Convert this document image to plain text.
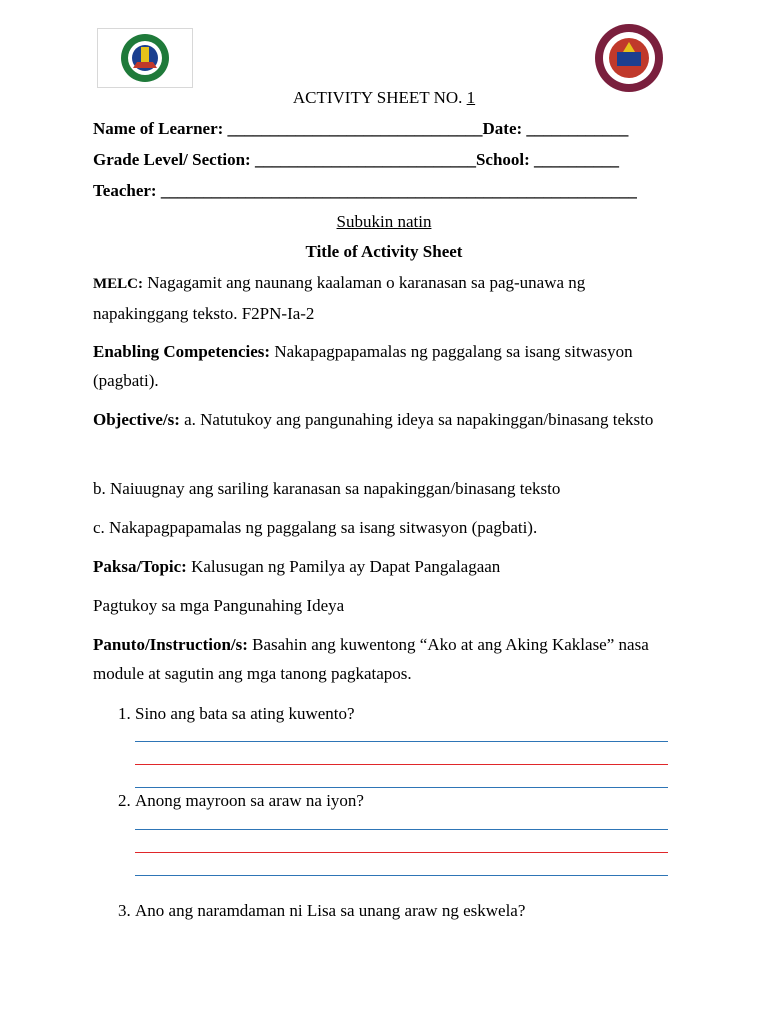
ACTIVITY SHEET NO. 1
Name of Learner: ______________________________Date: ____________
Grade Level/ Section: __________________________School: __________
Teacher: ________________________________________________________
Subukin natin
Title of Activity Sheet
MELC: Nagagamit ang naunang kaalaman o karanasan sa pag-unawa ng napakinggang teksto. F2PN-Ia-2
Enabling Competencies: Nakapagpapamalas ng paggalang sa isang sitwasyon (pagbati).
Objective/s: a. Natutukoy ang pangunahing ideya sa napakinggan/binasang teksto
b. Naiuugnay ang sariling karanasan sa napakinggan/binasang teksto
c. Nakapagpapamalas ng paggalang sa isang sitwasyon (pagbati).
Paksa/Topic: Kalusugan ng Pamilya ay Dapat Pangalagaan
Pagtukoy sa mga Pangunahing Ideya
Panuto/Instruction/s: Basahin ang kuwentong “Ako at ang Aking Kaklase” nasa module at sagutin ang mga tanong pagkatapos.
1. Sino ang bata sa ating kuwento?
2. Anong mayroon sa araw na iyon?
3. Ano ang naramdaman ni Lisa sa unang araw ng eskwela?
